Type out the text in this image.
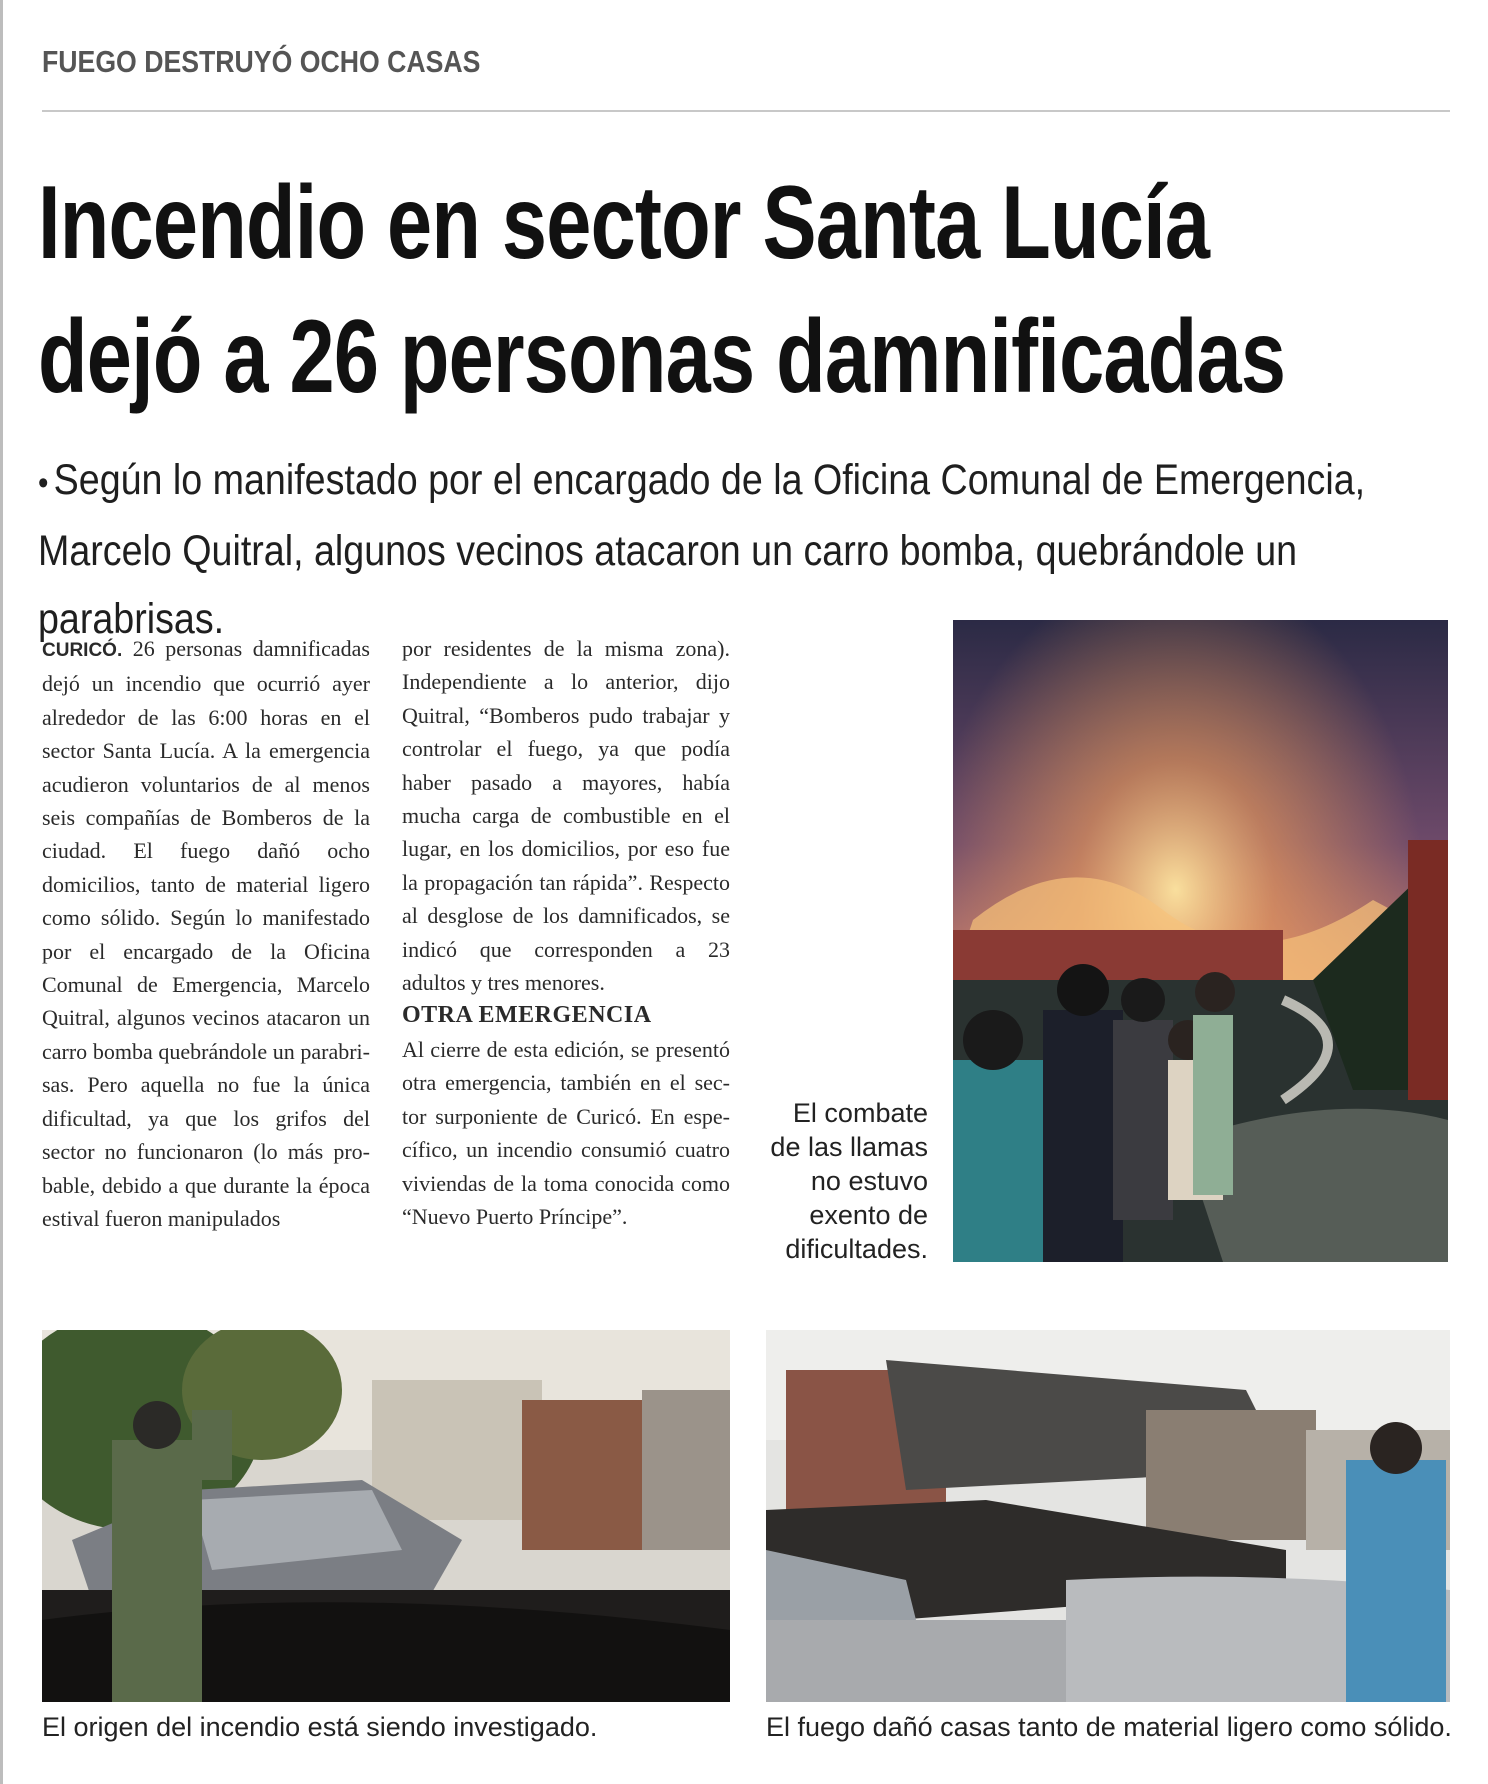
FUEGO DESTRUYÓ OCHO CASAS
Incendio en sector Santa Lucía
dejó a 26 personas damnificadas
• Según lo manifestado por el encargado de la Oficina Comunal de Emergencia, Marcelo Quitral, algunos vecinos atacaron un carro bomba, quebrándole un parabrisas.

CURICÓ. 26 personas damnificadas dejó un incendio que ocurrió ayer alrededor de las 6:00 horas en el sector Santa Lucía. A la emergencia acudieron voluntarios de al menos seis compañías de Bomberos de la ciudad. El fuego dañó ocho domicilios, tanto de material ligero como sólido. Según lo manifestado por el encargado de la Oficina Comunal de Emergencia, Marcelo Quitral, algunos vecinos atacaron un carro bomba quebrándole un parabrisas. Pero aquella no fue la única dificultad, ya que los grifos del sector no funcionaron (lo más probable, debido a que durante la época estival fueron manipulados

por residentes de la misma zona). Independiente a lo anterior, dijo Quitral, “Bomberos pudo trabajar y controlar el fuego, ya que podía haber pasado a mayores, había mucha carga de combustible en el lugar, en los domicilios, por eso fue la propagación tan rápida”. Respecto al desglose de los damnificados, se indicó que corresponden a 23 adultos y tres menores.

OTRA EMERGENCIA

Al cierre de esta edición, se presentó otra emergencia, también en el sector surponiente de Curicó. En específico, un incendio consumió cuatro viviendas de la toma conocida como “Nuevo Puerto Príncipe”.

El combate de las llamas no estuvo exento de dificultades.
El origen del incendio está siendo investigado.	El fuego dañó casas tanto de material ligero como sólido.
